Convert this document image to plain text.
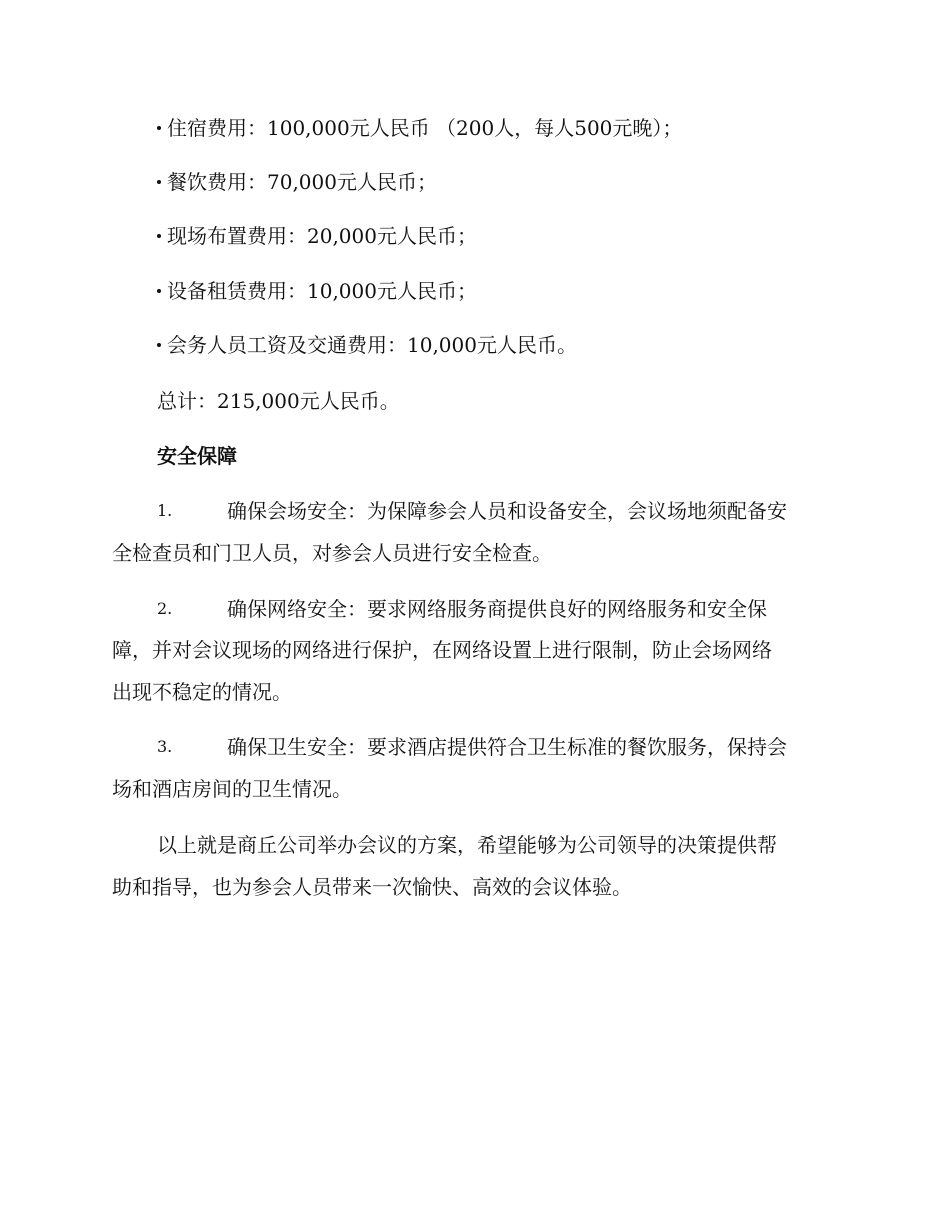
住宿费用：100,000元人民币 （200人，每人500元晚）；
餐饮费用：70,000元人民币；
现场布置费用：20,000元人民币；
设备租赁费用：10,000元人民币；
会务人员工资及交通费用：10,000元人民币。
总计：215,000元人民币。
安全保障
1.	确保会场安全：为保障参会人员和设备安全，会议场地须配备安
全检查员和门卫人员，对参会人员进行安全检查。
2.	确保网络安全：要求网络服务商提供良好的网络服务和安全保
障，并对会议现场的网络进行保护，在网络设置上进行限制，防止会场网络
出现不稳定的情况。
3.	确保卫生安全：要求酒店提供符合卫生标准的餐饮服务，保持会
场和酒店房间的卫生情况。
以上就是商丘公司举办会议的方案，希望能够为公司领导的决策提供帮
助和指导，也为参会人员带来一次愉快、高效的会议体验。
